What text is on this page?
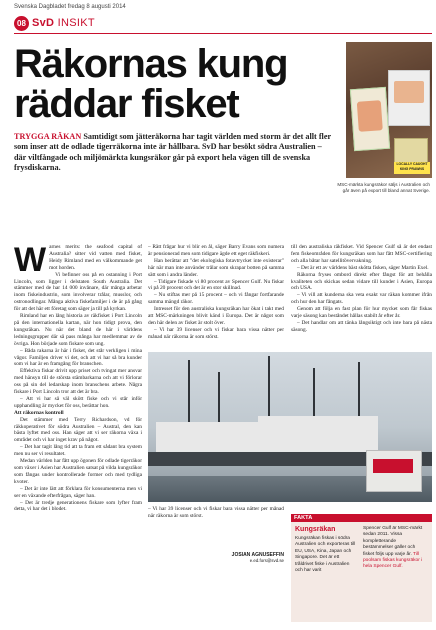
Svenska Dagbladet fredag 8 augusti 2014
08 SvD INSIKT
Räkornas kung
räddar fisket
TRYGGA RÄKAN Samtidigt som jätteräkorna har tagit världen med storm är det allt fler som inser att de odlade tigerräkorna inte är hållbara. SvD har besökt södra Australien – där viltfångade och miljömärkta kungsräkor går på export hela vägen till de svenska frysdiskarna.	LOCALLY CAUGHT KING PRAWNS
MSC-märkta kungsräkor säljs i Australien och går även på export till bland annat Sverige.

W arnes merits: the seafood capital of Australia? sitter vid vatten med fisket, Heidy Rimland med en välkommande get mot horden.

Vi befinner oss på en ostanning i Port Lincoln, som ligger i delstaten South Australia. Det stämmer med de har 14 000 invånare, där många arbetar inom fiskeindustrin, som involverar trålar, musslor, och ostronodlingar. Många aktiva fiskefamiljer i de är på gång för att det här ett företag som säger ja till på kyrkan.

Rimland har en lång historia av räkfisket i Port Lincoln på den internationella kartan, när hon tidigt prova, den kungsräkan. Nu när det bland de här i världens ledningsgrupper där så pass många har medlemmar av de övriga. Hon började som fiskare som ung.

– Båda rakarna är här i fisket, det står verkligen i mina vågor. Familjen driver vi det, och att vi har så bra kunder som vi har är en framgång för branschen.

Effektiva fiskar drivit upp priset och tvingat mer ansvar med hänsyn till de största stämbarkarna och att vi förlorar oss på sin del ledarskap inom branschens arbete. Några fiskare i Port Lincoln tror att det är bra.

– Att vi har så väl skött fiske och vi står inför upphandling är mycket för oss, berättar hon.

Att räkornas kontroll

Det stämmer med Terry Richardson, vd för räkkoperativet för södra Australien – Austral, den kan bästa lyftet med oss. Han säger att vi ser räkorna växa i området och vi har inget krav på något.

– Det har tagit lång tid att ta fram ett sådant bra system men nu ser vi resultatet.

Medan världen har fått upp ögonen för odlade tigerräkor som växer i Asien har Australien satsat på vilda kungsräkor som fångas under kontrollerade former och med tydliga kvoter.

– Det är inte lätt att förklara för konsumenterna men vi ser en växande efterfrågan, säger han.

– Det är tredje generationens fiskare som lyfter fram detta, vi har det i blodet.

– Rätt frågar hur vi blir en ål, säger Barry Evans som numera är pensionerad men som tidigare ägde ett eget räkfiskeri.

Han berättar att "det ekologiska fotavtrycket inte existerar" här när man inte använder trålar som skrapar botten på samma sätt som i andra länder.

– Tidigare fiskade vi 80 procent av Spencer Gulf. Nu fiskar vi på 20 procent och det är en stor skillnad.

– Nu stiftas mer på 15 procent – och vi fångar fortfarande samma mängd räkor.

Intresset för den australiska kungsräkan har ökat i takt med att MSC-märkningen blivit känd i Europa. Det är något som den här delen av fisket är stolt över.

– Vi har 39 licenser och vi fiskar bara vissa nätter per månad när räkorna är som störst.

till den australiska räkfisket. Vid Spencer Gulf så är det endast fem fiskeområden för kungsräkan som har fått MSC-certifiering och alla båtar har satellitövervakning.

– Det är ett av världens bäst skötta fisken, säger Martin Exel.

Räkorna fryses ombord direkt efter fångst för att behålla kvaliteten och skickas sedan vidare till kunder i Asien, Europa och USA.

– Vi vill att kunderna ska veta exakt var räkan kommer ifrån och hur den har fångats.

Genom att följa en fast plan för hur mycket som får fiskas varje säsong kan beståndet hållas stabilt år efter år.

– Det handlar om att tänka långsiktigt och inte bara på nästa säsong.

– Vi har 39 licenser och vi fiskar bara vissa nätter per månad när räkorna är som störst.

JOSIAN AGNUSEFFIN
e.ed.fors@svd.se
FAKTA
Kungsräkan
Kungsräkan fiskas i södra Australien och exporteras till EU, USA, Kina, Japan och Singapore. Det är ett tråldrivet fiske i Australien och har varit
Spencer Gulf är MSC-märkt sedan 2011. Vissa kompletterande bestämmelser gäller och fisket följs upp varje år. Till poolsam fiskas kungsräkor i hela Spencer Gulf.
